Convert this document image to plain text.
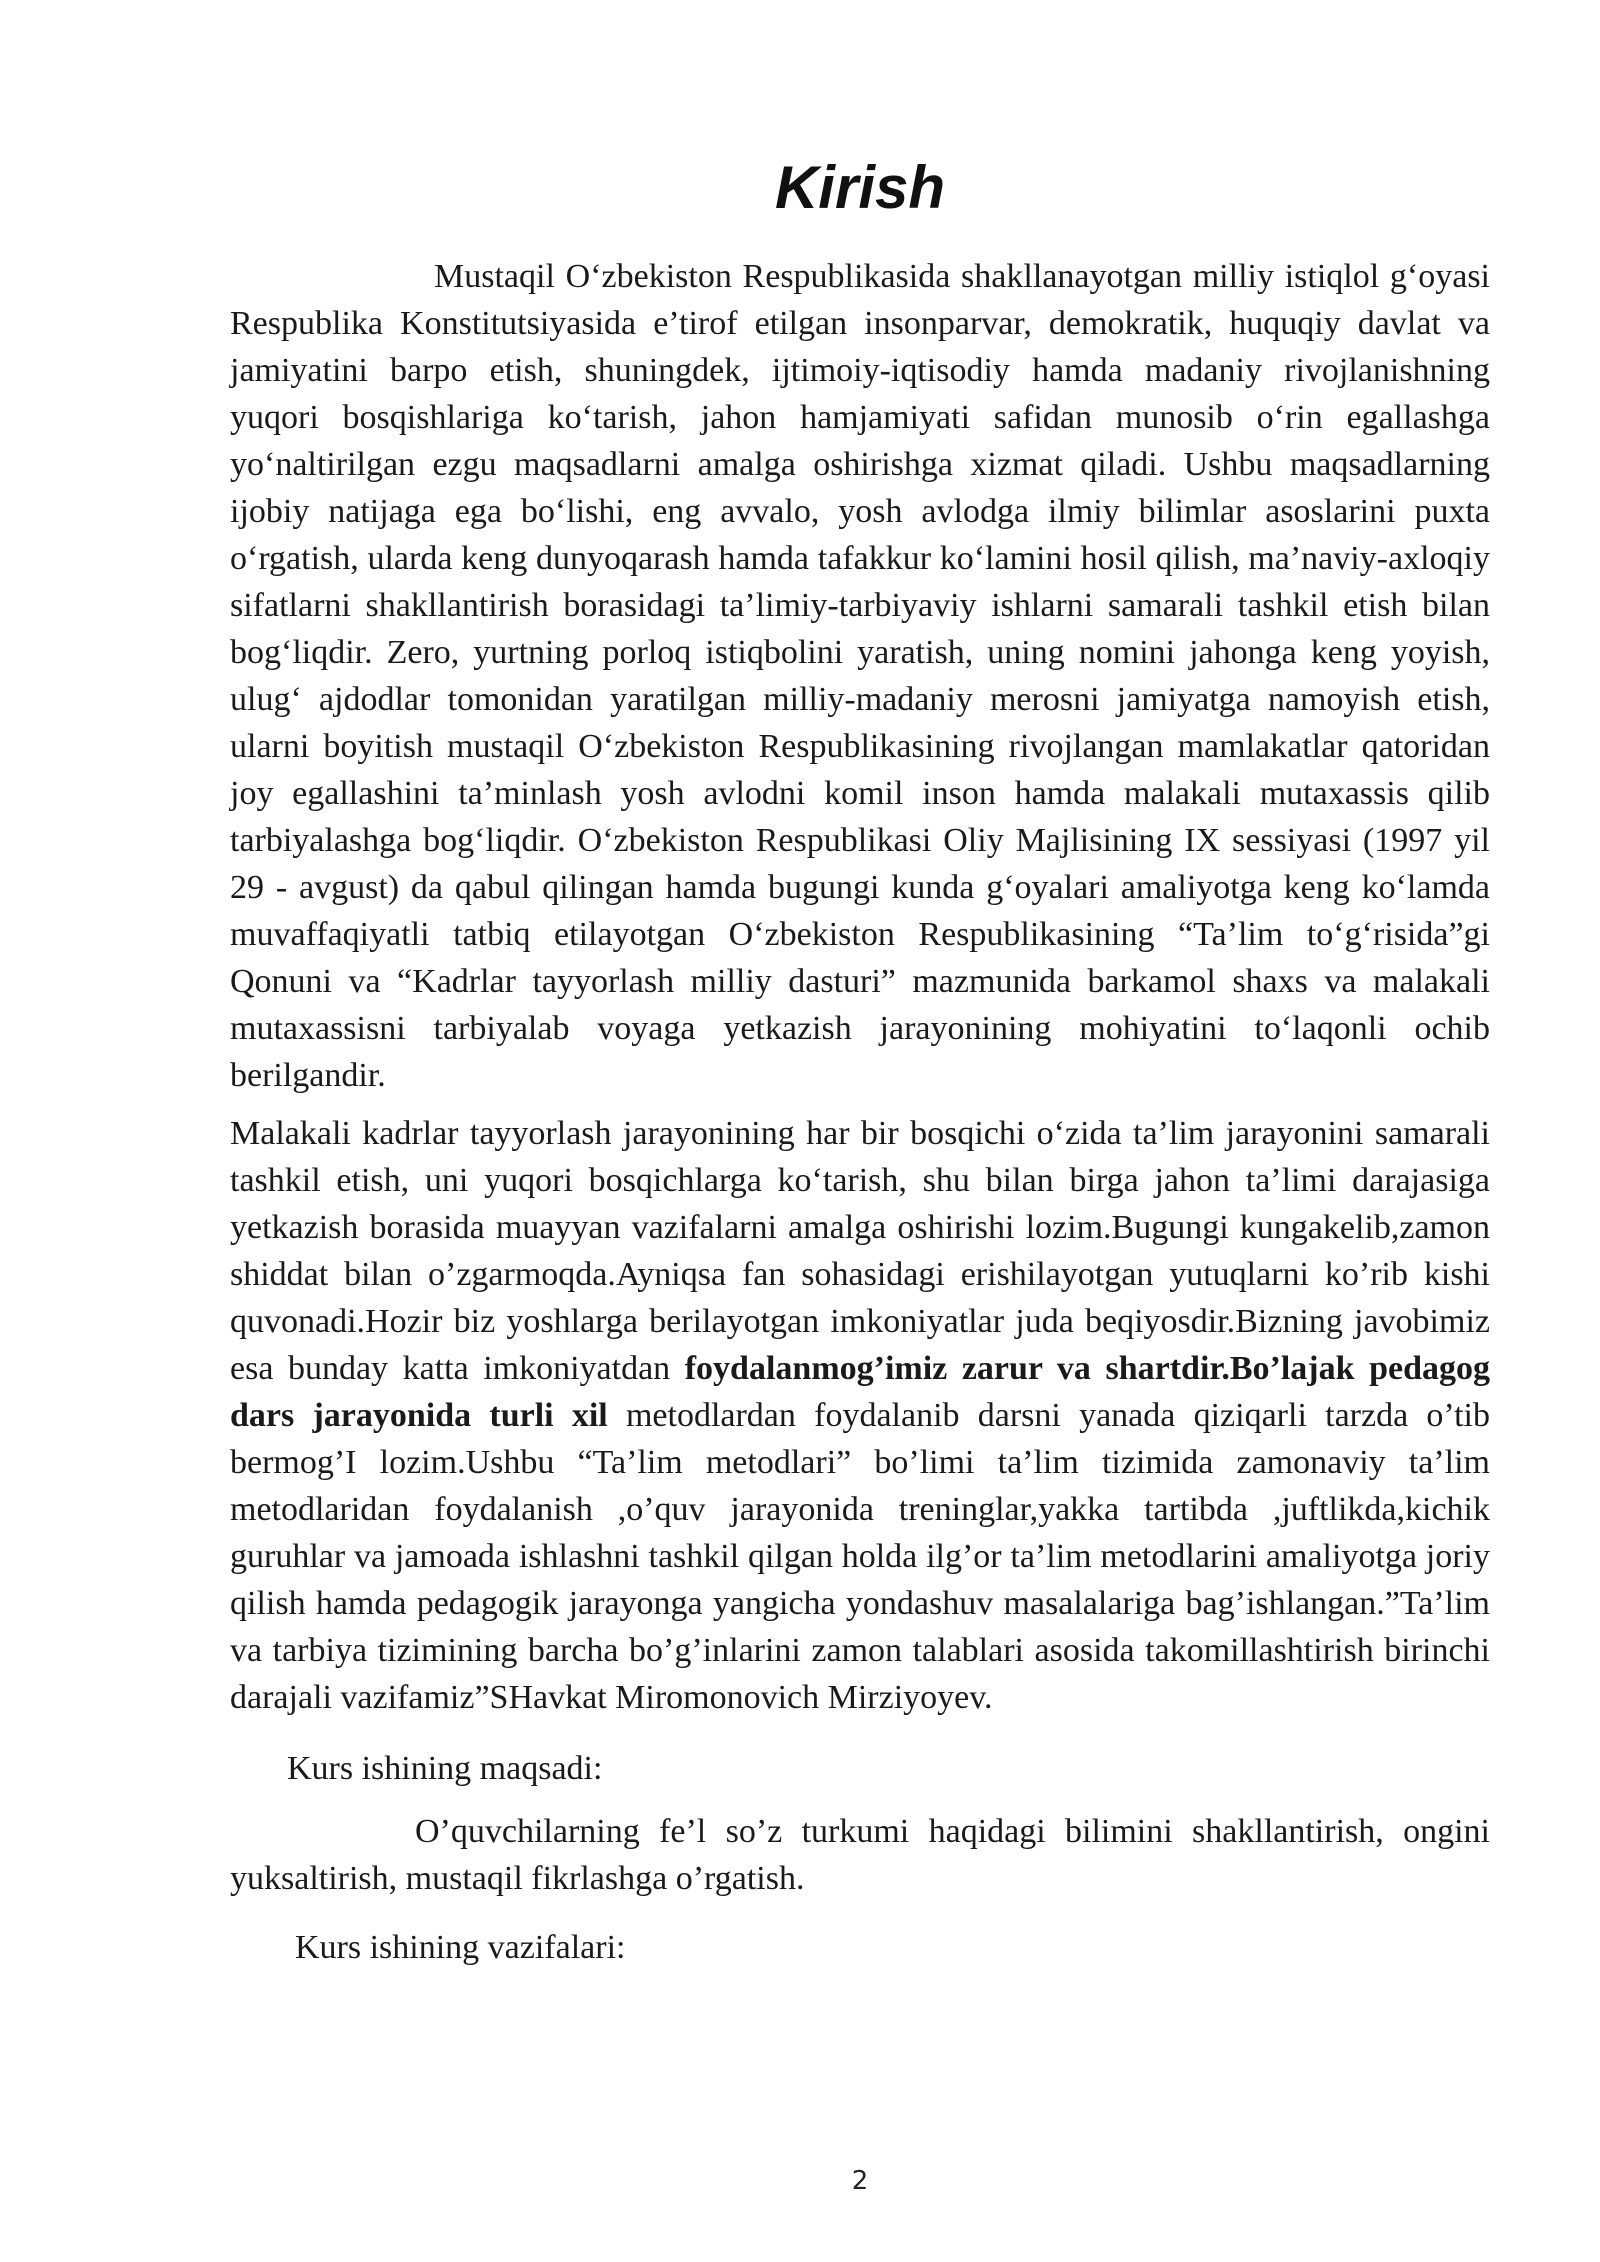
Kirish

Mustaqil O‘zbekiston Respublikasida shakllanayotgan milliy istiqlol g‘oyasi Respublika Konstitutsiyasida e’tirof etilgan insonparvar, demokratik, huquqiy davlat va jamiyatini barpo etish, shuningdek, ijtimoiy-iqtisodiy hamda madaniy rivojlanishning yuqori bosqishlariga ko‘tarish, jahon hamjamiyati safidan munosib o‘rin egallashga yo‘naltirilgan ezgu maqsadlarni amalga oshirishga xizmat qiladi. Ushbu maqsadlarning ijobiy natijaga ega bo‘lishi, eng avvalo, yosh avlodga ilmiy bilimlar asoslarini puxta o‘rgatish, ularda keng dunyoqarash hamda tafakkur ko‘lamini hosil qilish, ma’naviy-axloqiy sifatlarni shakllantirish borasidagi ta’limiy-tarbiyaviy ishlarni samarali tashkil etish bilan bog‘liqdir. Zero, yurtning porloq istiqbolini yaratish, uning nomini jahonga keng yoyish, ulug‘ ajdodlar tomonidan yaratilgan milliy-madaniy merosni jamiyatga namoyish etish, ularni boyitish mustaqil O‘zbekiston Respublikasining rivojlangan mamlakatlar qatoridan joy egallashini ta’minlash yosh avlodni komil inson hamda malakali mutaxassis qilib tarbiyalashga bog‘liqdir. O‘zbekiston Respublikasi Oliy Majlisining IX sessiyasi (1997 yil 29 - avgust) da qabul qilingan hamda bugungi kunda g‘oyalari amaliyotga keng ko‘lamda muvaffaqiyatli tatbiq etilayotgan O‘zbekiston Respublikasining “Ta’lim to‘g‘risida”gi Qonuni va “Kadrlar tayyorlash milliy dasturi” mazmunida barkamol shaxs va malakali mutaxassisni tarbiyalab voyaga yetkazish jarayonining mohiyatini to‘laqonli ochib berilgandir.

Malakali kadrlar tayyorlash jarayonining har bir bosqichi o‘zida ta’lim jarayonini samarali tashkil etish, uni yuqori bosqichlarga ko‘tarish, shu bilan birga jahon ta’limi darajasiga yetkazish borasida muayyan vazifalarni amalga oshirishi lozim.Bugungi kungakelib,zamon shiddat bilan o’zgarmoqda.Ayniqsa fan sohasidagi erishilayotgan yutuqlarni ko’rib kishi quvonadi.Hozir biz yoshlarga berilayotgan imkoniyatlar juda beqiyosdir.Bizning javobimiz esa bunday katta imkoniyatdan foydalanmog’imiz zarur va shartdir.Bo’lajak pedagog dars jarayonida turli xil metodlardan foydalanib darsni yanada qiziqarli tarzda o’tib bermog’I lozim.Ushbu “Ta’lim metodlari” bo’limi ta’lim tizimida zamonaviy ta’lim metodlaridan foydalanish ,o’quv jarayonida treninglar,yakka tartibda ,juftlikda,kichik guruhlar va jamoada ishlashni tashkil qilgan holda ilg’or ta’lim metodlarini amaliyotga joriy qilish hamda pedagogik jarayonga yangicha yondashuv masalalariga bag’ishlangan.”Ta’lim va tarbiya tizimining barcha bo’g’inlarini zamon talablari asosida takomillashtirish birinchi darajali vazifamiz”SHavkat Miromonovich Mirziyoyev.

Kurs ishining maqsadi:

O’quvchilarning fe’l so’z turkumi haqidagi bilimini shakllantirish, ongini yuksaltirish, mustaqil fikrlashga o’rgatish.

Kurs ishining vazifalari:

2
